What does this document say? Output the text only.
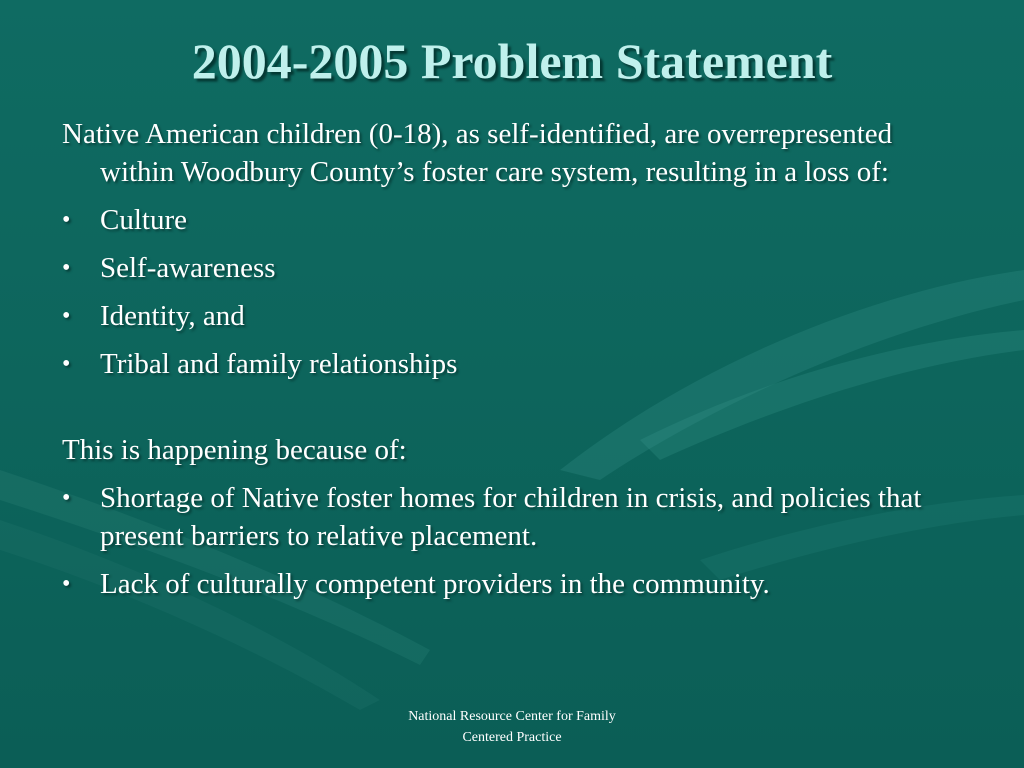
2004-2005 Problem Statement

Native American children (0-18), as self-identified, are overrepresented within Woodbury County’s foster care system, resulting in a loss of:

•	Culture
•	Self-awareness
•	Identity, and
•	Tribal and family relationships

This is happening because of:

•	Shortage of Native foster homes for children in crisis, and policies that present barriers to relative placement.
•	Lack of culturally competent providers in the community.
National Resource Center for Family
Centered Practice
